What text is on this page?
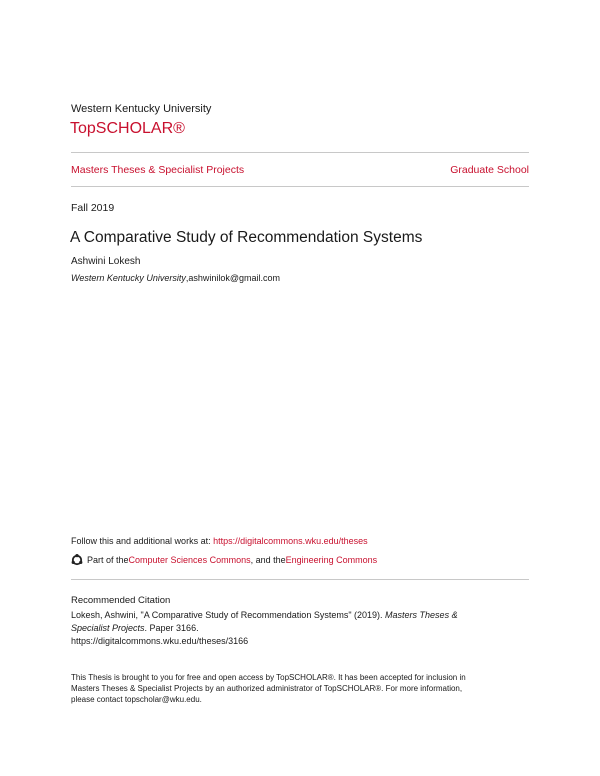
Western Kentucky University
TopSCHOLAR®
Masters Theses & Specialist Projects	Graduate School
Fall 2019
A Comparative Study of Recommendation Systems
Ashwini Lokesh
Western Kentucky University,ashwinilok@gmail.com
Follow this and additional works at: https://digitalcommons.wku.edu/theses
Part of the Computer Sciences Commons , and the Engineering Commons
Recommended Citation
Lokesh, Ashwini, "A Comparative Study of Recommendation Systems" (2019). Masters Theses &
Specialist Projects. Paper 3166.
https://digitalcommons.wku.edu/theses/3166
This Thesis is brought to you for free and open access by TopSCHOLAR®. It has been accepted for inclusion in
Masters Theses & Specialist Projects by an authorized administrator of TopSCHOLAR®. For more information,
please contact topscholar@wku.edu.
